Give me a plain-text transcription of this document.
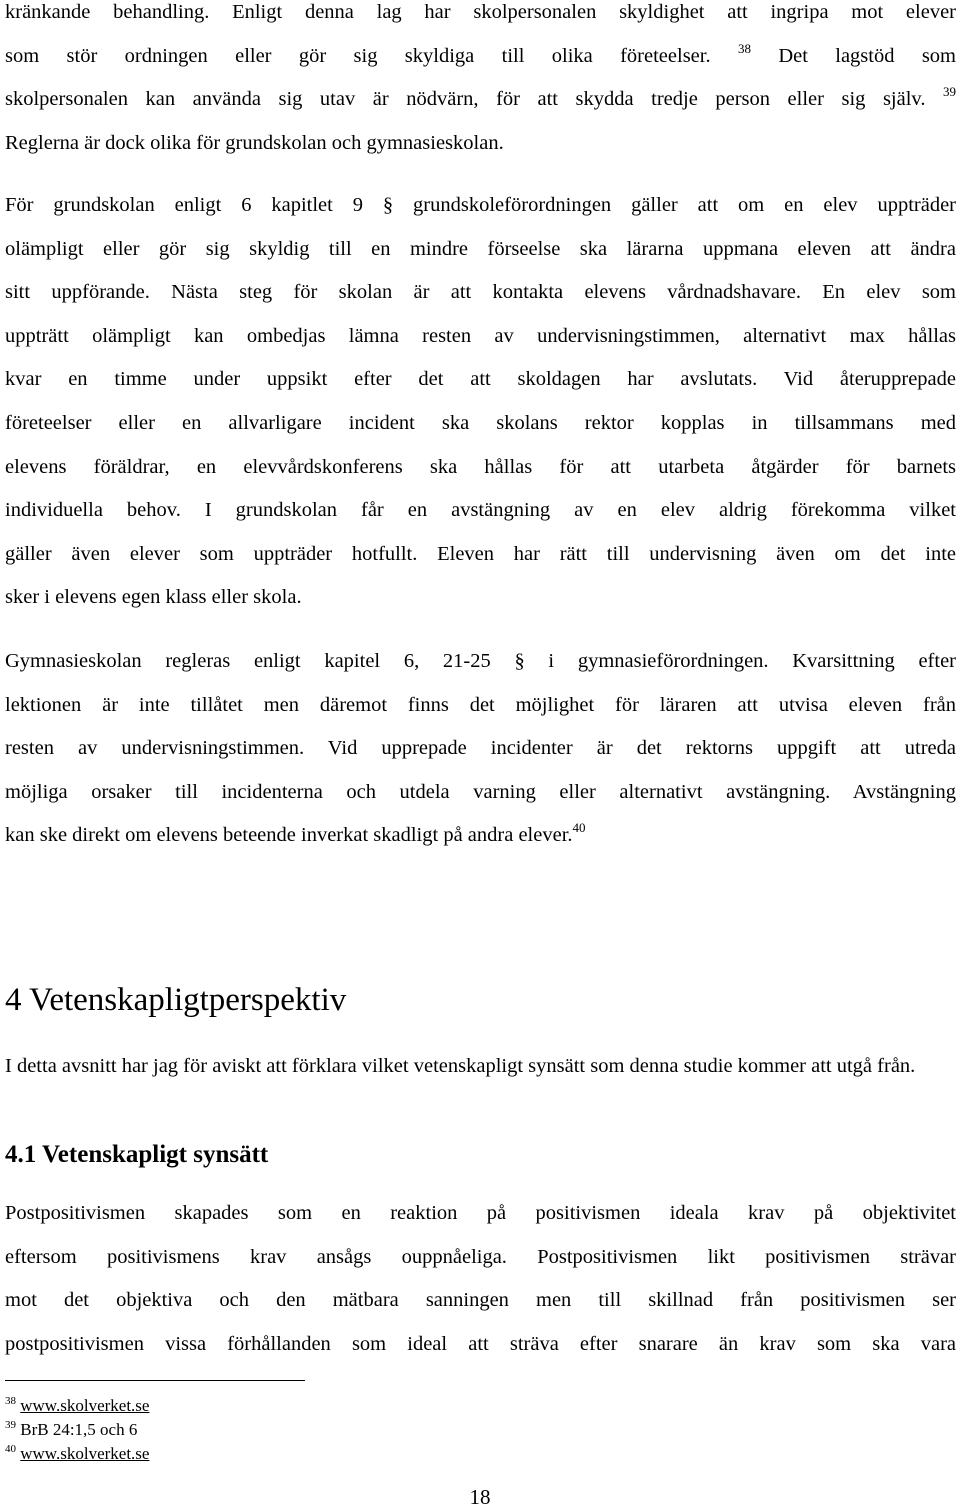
kränkande behandling. Enligt denna lag har skolpersonalen skyldighet att ingripa mot elever
som stör ordningen eller gör sig skyldiga till olika företeelser. $^{38}$ Det lagstöd som
skolpersonalen kan använda sig utav är nödvärn, för att skydda tredje person eller sig själv. $^{39}$
Reglerna är dock olika för grundskolan och gymnasieskolan.
För grundskolan enligt 6 kapitlet 9 § grundskoleförordningen gäller att om en elev uppträder
olämpligt eller gör sig skyldig till en mindre förseelse ska lärarna uppmana eleven att ändra
sitt uppförande. Nästa steg för skolan är att kontakta elevens vårdnadshavare. En elev som
uppträtt olämpligt kan ombedjas lämna resten av undervisningstimmen, alternativt max hållas
kvar en timme under uppsikt efter det att skoldagen har avslutats. Vid återupprepade
företeelser eller en allvarligare incident ska skolans rektor kopplas in tillsammans med
elevens föräldrar, en elevvårdskonferens ska hållas för att utarbeta åtgärder för barnets
individuella behov. I grundskolan får en avstängning av en elev aldrig förekomma vilket
gäller även elever som uppträder hotfullt. Eleven har rätt till undervisning även om det inte
sker i elevens egen klass eller skola.
Gymnasieskolan regleras enligt kapitel 6, 21-25 § i gymnasieförordningen. Kvarsittning efter
lektionen är inte tillåtet men däremot finns det möjlighet för läraren att utvisa eleven från
resten av undervisningstimmen. Vid upprepade incidenter är det rektorns uppgift att utreda
möjliga orsaker till incidenterna och utdela varning eller alternativt avstängning. Avstängning
kan ske direkt om elevens beteende inverkat skadligt på andra elever.$^{40}$
4 Vetenskapligtperspektiv

I detta avsnitt har jag för aviskt att förklara vilket vetenskapligt synsätt som denna studie kommer att utgå från.

4.1 Vetenskapligt synsätt
Postpositivismen skapades som en reaktion på positivismen ideala krav på objektivitet
eftersom positivismens krav ansågs ouppnåeliga. Postpositivismen likt positivismen strävar
mot det objektiva och den mätbara sanningen men till skillnad från positivismen ser
postpositivismen vissa förhållanden som ideal att sträva efter snarare än krav som ska vara

$^{38}$ www.skolverket.se

$^{39}$ BrB 24:1,5 och 6

$^{40}$ www.skolverket.se

18
